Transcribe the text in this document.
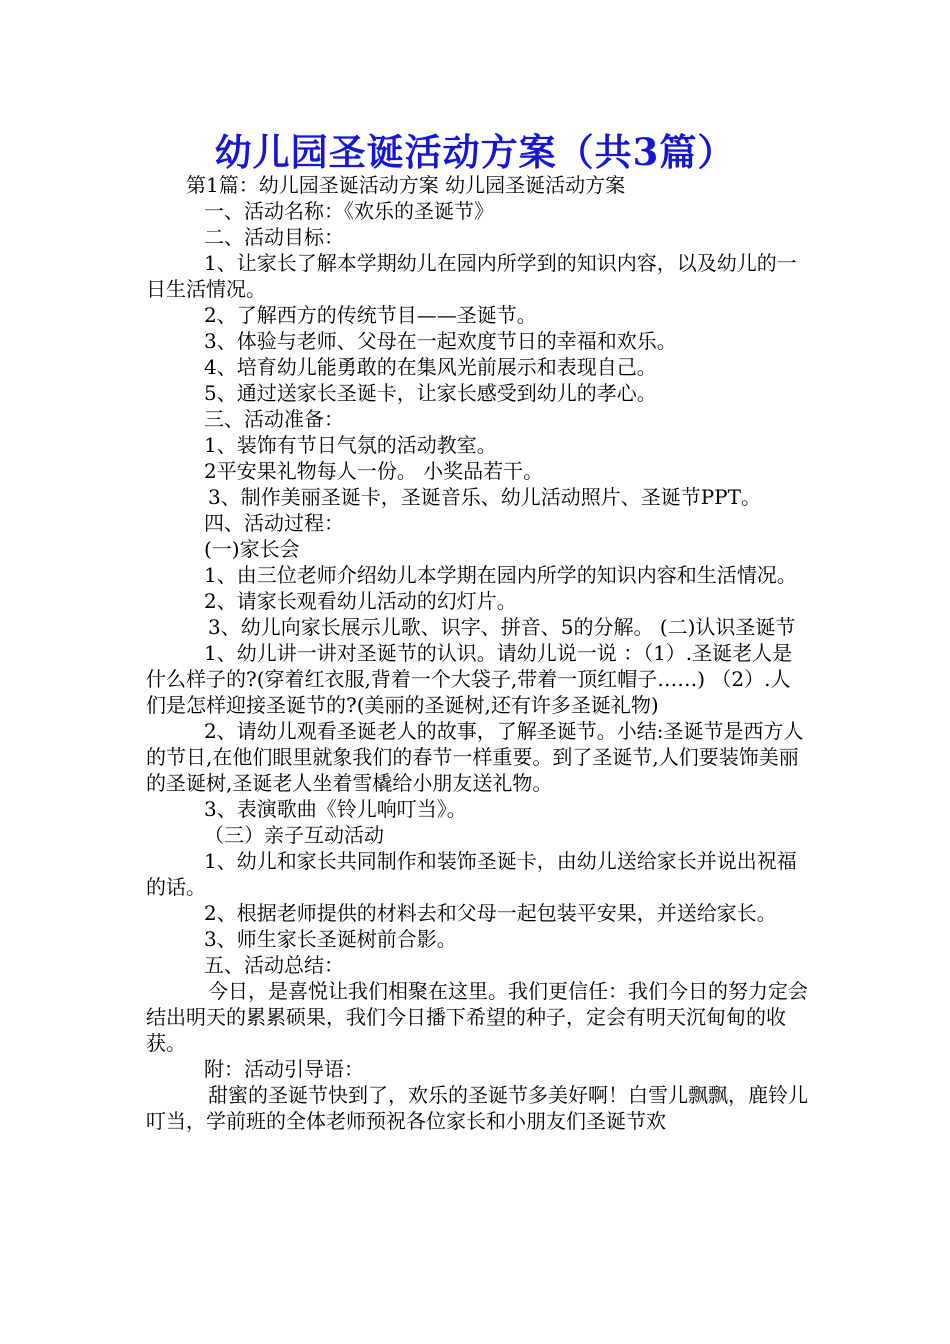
幼儿园圣诞活动方案（共3篇）

第1篇：幼儿园圣诞活动方案 幼儿园圣诞活动方案

一、活动名称：《欢乐的圣诞节》

二、活动目标：

1、让家长了解本学期幼儿在园内所学到的知识内容，以及幼儿的一日生活情况。

2、了解西方的传统节目——圣诞节。

3、体验与老师、父母在一起欢度节日的幸福和欢乐。

4、培育幼儿能勇敢的在集风光前展示和表现自己。

5、通过送家长圣诞卡，让家长感受到幼儿的孝心。

三、活动准备：

1、装饰有节日气氛的活动教室。

2平安果礼物每人一份。 小奖品若干。

3、制作美丽圣诞卡，圣诞音乐、幼儿活动照片、圣诞节PPT。

四、活动过程：

(一)家长会

1、由三位老师介绍幼儿本学期在园内所学的知识内容和生活情况。

2、请家长观看幼儿活动的幻灯片。

3、幼儿向家长展示儿歌、识字、拼音、5的分解。 (二)认识圣诞节

1、幼儿讲一讲对圣诞节的认识。请幼儿说一说 ：（1）.圣诞老人是什么样子的?(穿着红衣服,背着一个大袋子,带着一顶红帽子……) （2）.人们是怎样迎接圣诞节的?(美丽的圣诞树,还有许多圣诞礼物)

2、请幼儿观看圣诞老人的故事，了解圣诞节。小结:圣诞节是西方人的节日,在他们眼里就象我们的春节一样重要。到了圣诞节,人们要装饰美丽的圣诞树,圣诞老人坐着雪橇给小朋友送礼物。

3、表演歌曲《铃儿响叮当》。

（三）亲子互动活动

1、幼儿和家长共同制作和装饰圣诞卡，由幼儿送给家长并说出祝福的话。

2、根据老师提供的材料去和父母一起包装平安果，并送给家长。

3、师生家长圣诞树前合影。

五、活动总结：

今日，是喜悦让我们相聚在这里。我们更信任：我们今日的努力定会结出明天的累累硕果，我们今日播下希望的种子，定会有明天沉甸甸的收获。

附：活动引导语：

甜蜜的圣诞节快到了，欢乐的圣诞节多美好啊！白雪儿飘飘，鹿铃儿叮当，学前班的全体老师预祝各位家长和小朋友们圣诞节欢
